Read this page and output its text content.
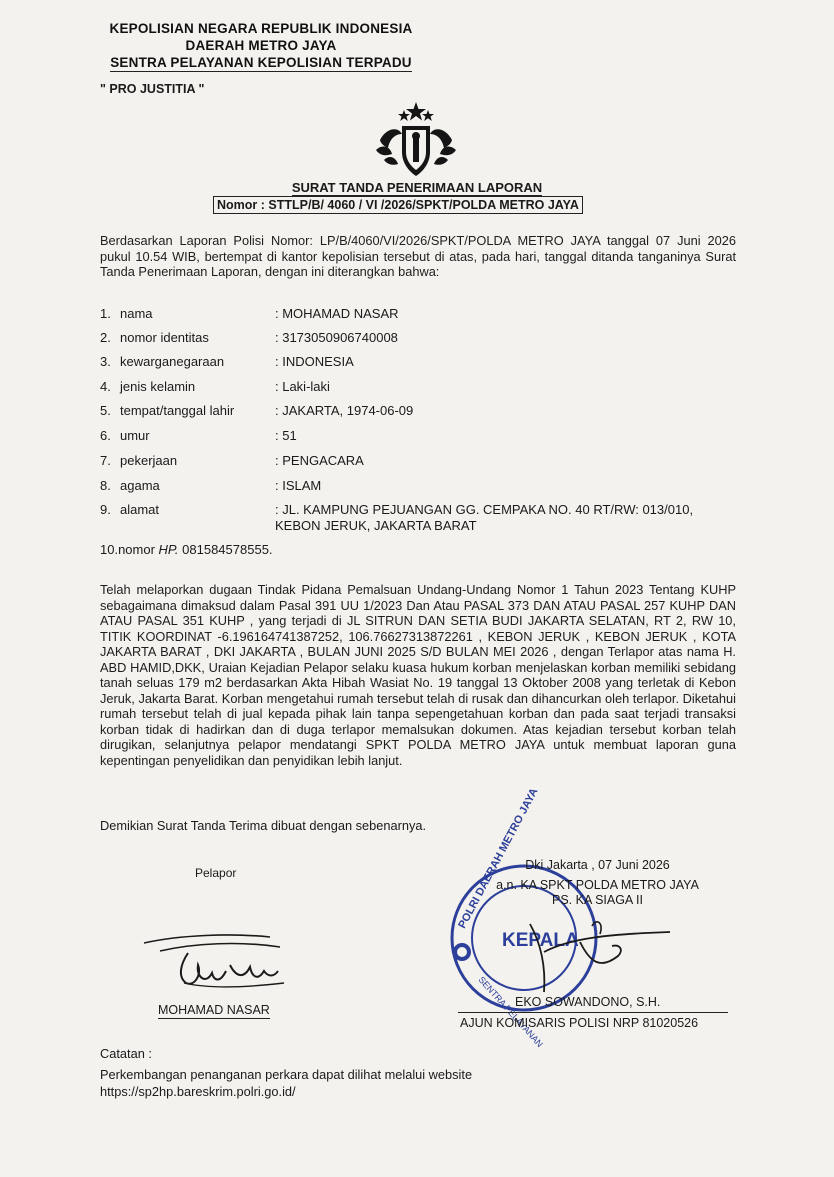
KEPOLISIAN NEGARA REPUBLIK INDONESIA
DAERAH METRO JAYA
SENTRA PELAYANAN KEPOLISIAN TERPADU
" PRO JUSTITIA "
SURAT TANDA PENERIMAAN LAPORAN
Nomor : STTLP/B/ 4060 / VI /2026/SPKT/POLDA METRO JAYA
Berdasarkan Laporan Polisi Nomor: LP/B/4060/VI/2026/SPKT/POLDA METRO JAYA tanggal 07 Juni 2026 pukul 10.54 WIB, bertempat di kantor kepolisian tersebut di atas, pada hari, tanggal ditanda tanganinya Surat Tanda Penerimaan Laporan, dengan ini diterangkan bahwa:
1. nama	: MOHAMAD NASAR
2. nomor identitas	: 3173050906740008
3. kewarganegaraan	: INDONESIA
4. jenis kelamin	: Laki-laki
5. tempat/tanggal lahir	: JAKARTA, 1974-06-09
6. umur	: 51
7. pekerjaan	: PENGACARA
8. agama	: ISLAM
9. alamat	: JL. KAMPUNG PEJUANGAN GG. CEMPAKA NO. 40 RT/RW: 013/010, KEBON JERUK, JAKARTA BARAT
10.nomor HP. 081584578555.
Telah melaporkan dugaan Tindak Pidana Pemalsuan Undang-Undang Nomor 1 Tahun 2023 Tentang KUHP sebagaimana dimaksud dalam Pasal 391 UU 1/2023 Dan Atau PASAL 373 DAN ATAU PASAL 257 KUHP DAN ATAU PASAL 351 KUHP , yang terjadi di JL SITRUN DAN SETIA BUDI JAKARTA SELATAN, RT 2, RW 10, TITIK KOORDINAT -6.196164741387252, 106.76627313872261 , KEBON JERUK , KEBON JERUK , KOTA JAKARTA BARAT , DKI JAKARTA , BULAN JUNI 2025 S/D BULAN MEI 2026 , dengan Terlapor atas nama H. ABD HAMID,DKK, Uraian Kejadian Pelapor selaku kuasa hukum korban menjelaskan korban memiliki sebidang tanah seluas 179 m2 berdasarkan Akta Hibah Wasiat No. 19 tanggal 13 Oktober 2008 yang terletak di Kebon Jeruk, Jakarta Barat. Korban mengetahui rumah tersebut telah di rusak dan dihancurkan oleh terlapor. Diketahui rumah tersebut telah di jual kepada pihak lain tanpa sepengetahuan korban dan pada saat terjadi transaksi korban tidak di hadirkan dan di duga terlapor memalsukan dokumen. Atas kejadian tersebut korban telah dirugikan, selanjutnya pelapor mendatangi SPKT POLDA METRO JAYA untuk membuat laporan guna kepentingan penyelidikan dan penyidikan lebih lanjut.
Demikian Surat Tanda Terima dibuat dengan sebenarnya.
Pelapor
MOHAMAD NASAR
POLRI DAERAH METRO JAYA
SENTRA PELAYANAN
KEPALA
Dki Jakarta , 07 Juni 2026
a.n. KA SPKT POLDA METRO JAYA
PS. KA SIAGA II
EKO SOWANDONO, S.H.
AJUN KOMISARIS POLISI NRP 81020526
Catatan :
Perkembangan penanganan perkara dapat dilihat melalui website
https://sp2hp.bareskrim.polri.go.id/
